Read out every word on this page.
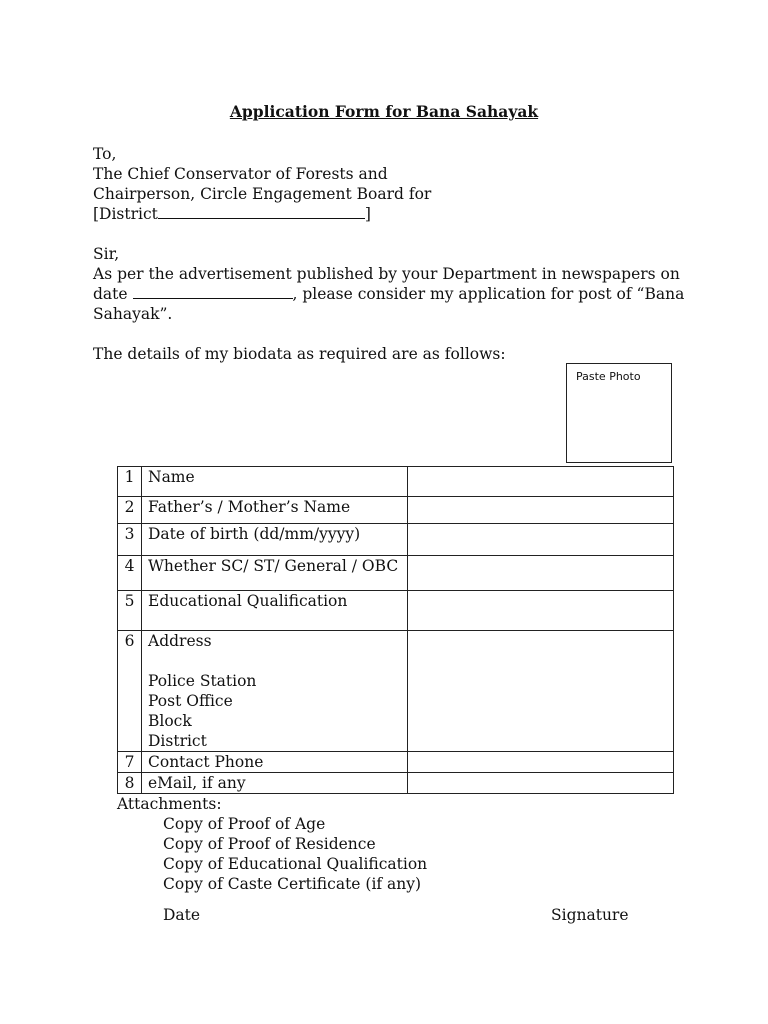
Application Form for Bana Sahayak
To,
The Chief Conservator of Forests and
Chairperson, Circle Engagement Board for
[District	]
Sir,
As per the advertisement published by your Department in newspapers on
date	, please consider my application for post of “Bana
Sahayak”.
The details of my biodata as required are as follows:
Paste Photo
1	Name	
2	Father’s / Mother’s Name	
3	Date of birth (dd/mm/yyyy)	
4	Whether SC/ ST/ General / OBC	
5	Educational Qualification	
6	Address
Police Station
Post Office
Block
District	

7	Contact Phone	
8	eMail, if any	
Attachments:
Copy of Proof of Age
Copy of Proof of Residence
Copy of Educational Qualification
Copy of Caste Certificate (if any)
Date	Signature
